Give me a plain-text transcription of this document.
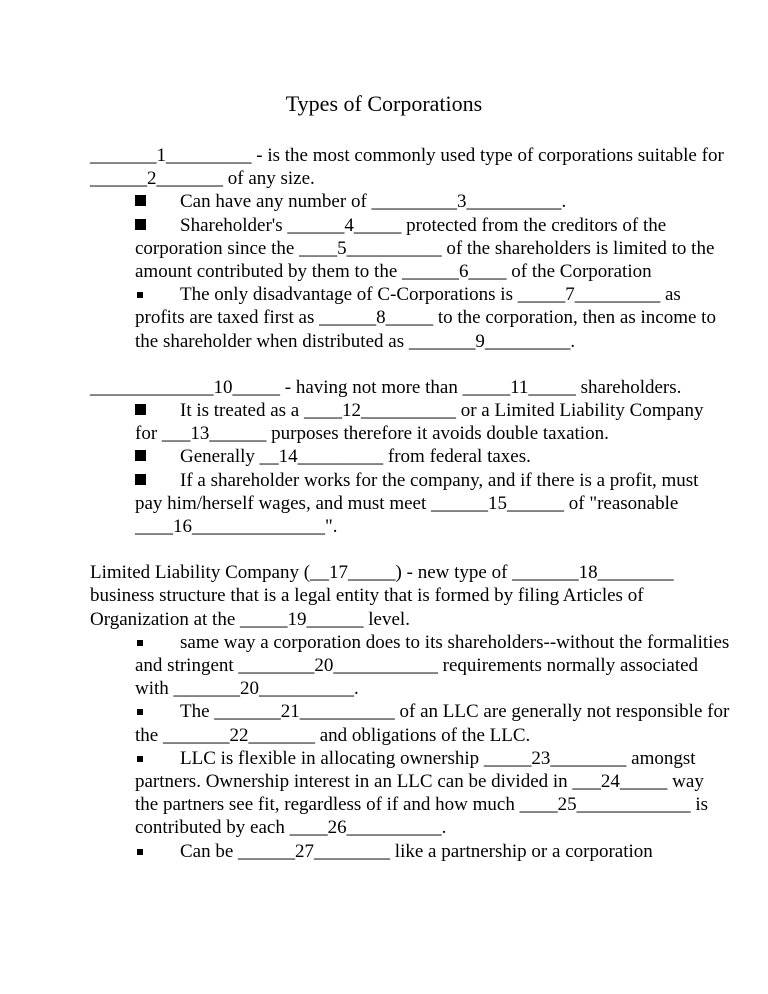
Types of Corporations

_______1_________ - is the most commonly used type of corporations suitable for ______2_______ of any size.

Can have any number of _________3__________.

Shareholder's ______4_____ protected from the creditors of the corporation since the ____5__________ of the shareholders is limited to the amount contributed by them to the ______6____ of the Corporation

The only disadvantage of C-Corporations is _____7_________ as profits are taxed first as ______8_____ to the corporation, then as income to the shareholder when distributed as _______9_________.

_____________10_____ - having not more than _____11_____ shareholders.

It is treated as a ____12__________ or a Limited Liability Company for ___13______ purposes therefore it avoids double taxation.

Generally __14_________ from federal taxes.

If a shareholder works for the company, and if there is a profit, must pay him/herself wages, and must meet ______15______ of "reasonable ____16______________".

Limited Liability Company (__17_____) - new type of _______18________ business structure that is a legal entity that is formed by filing Articles of Organization at the _____19______ level.

same way a corporation does to its shareholders--without the formalities and stringent ________20___________ requirements normally associated with _______20__________.

The _______21__________ of an LLC are generally not responsible for the _______22_______ and obligations of the LLC.

LLC is flexible in allocating ownership _____23________ amongst partners. Ownership interest in an LLC can be divided in ___24_____ way the partners see fit, regardless of if and how much ____25____________ is contributed by each ____26__________.

Can be ______27________ like a partnership or a corporation
